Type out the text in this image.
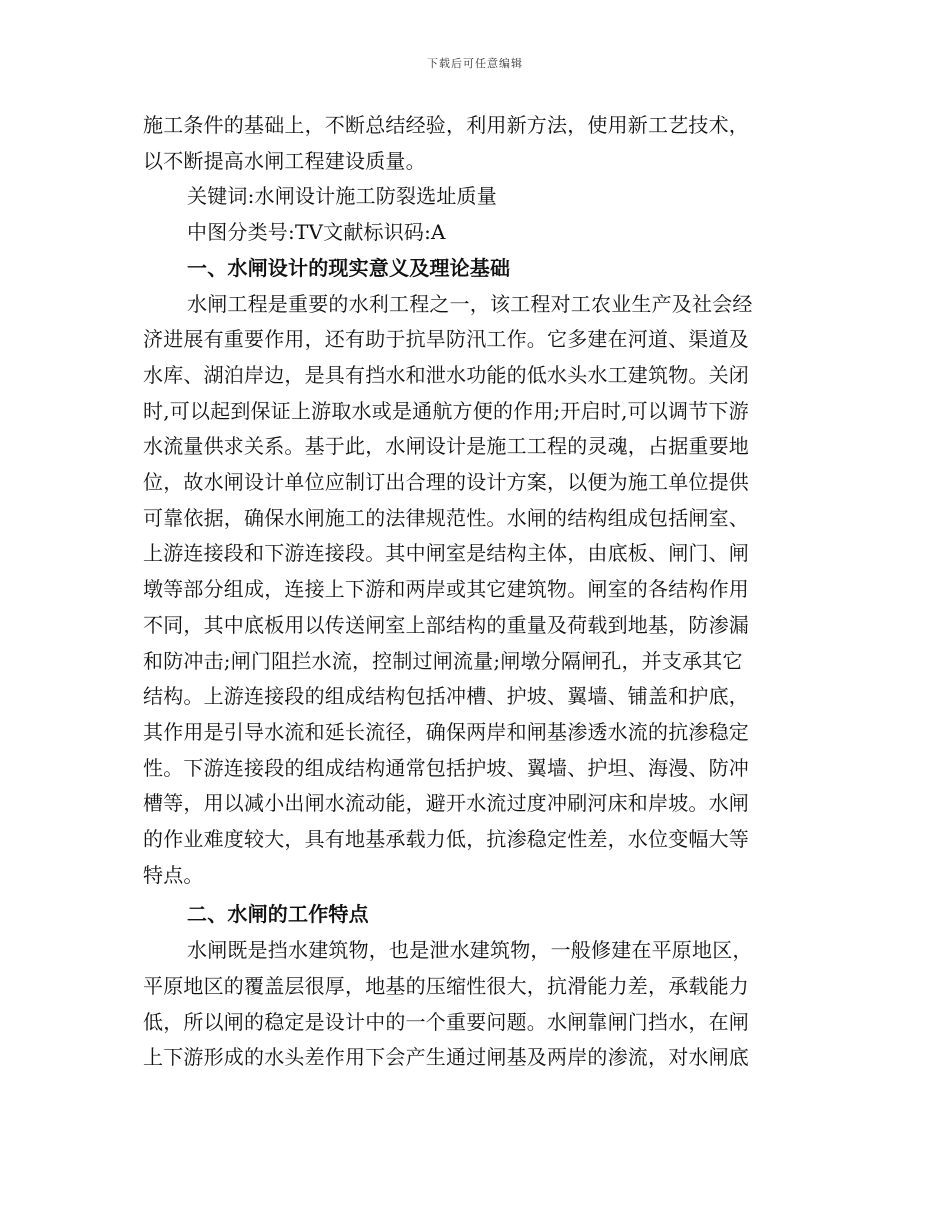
下载后可任意编辑
施工条件的基础上，不断总结经验，利用新方法，使用新工艺技术，
以不断提高水闸工程建设质量。
关键词:水闸设计施工防裂选址质量
中图分类号:TV文献标识码:A
一、水闸设计的现实意义及理论基础
水闸工程是重要的水利工程之一，该工程对工农业生产及社会经
济进展有重要作用，还有助于抗旱防汛工作。它多建在河道、渠道及
水库、湖泊岸边，是具有挡水和泄水功能的低水头水工建筑物。关闭
时,可以起到保证上游取水或是通航方便的作用;开启时,可以调节下游
水流量供求关系。基于此，水闸设计是施工工程的灵魂，占据重要地
位，故水闸设计单位应制订出合理的设计方案，以便为施工单位提供
可靠依据，确保水闸施工的法律规范性。水闸的结构组成包括闸室、
上游连接段和下游连接段。其中闸室是结构主体，由底板、闸门、闸
墩等部分组成，连接上下游和两岸或其它建筑物。闸室的各结构作用
不同，其中底板用以传送闸室上部结构的重量及荷载到地基，防渗漏
和防冲击;闸门阻拦水流，控制过闸流量;闸墩分隔闸孔，并支承其它
结构。上游连接段的组成结构包括冲槽、护坡、翼墙、铺盖和护底，
其作用是引导水流和延长流径，确保两岸和闸基渗透水流的抗渗稳定
性。下游连接段的组成结构通常包括护坡、翼墙、护坦、海漫、防冲
槽等，用以减小出闸水流动能，避开水流过度冲刷河床和岸坡。水闸
的作业难度较大，具有地基承载力低，抗渗稳定性差，水位变幅大等
特点。
二、水闸的工作特点
水闸既是挡水建筑物，也是泄水建筑物，一般修建在平原地区，
平原地区的覆盖层很厚，地基的压缩性很大，抗滑能力差，承载能力
低，所以闸的稳定是设计中的一个重要问题。水闸靠闸门挡水，在闸
上下游形成的水头差作用下会产生通过闸基及两岸的渗流，对水闸底
